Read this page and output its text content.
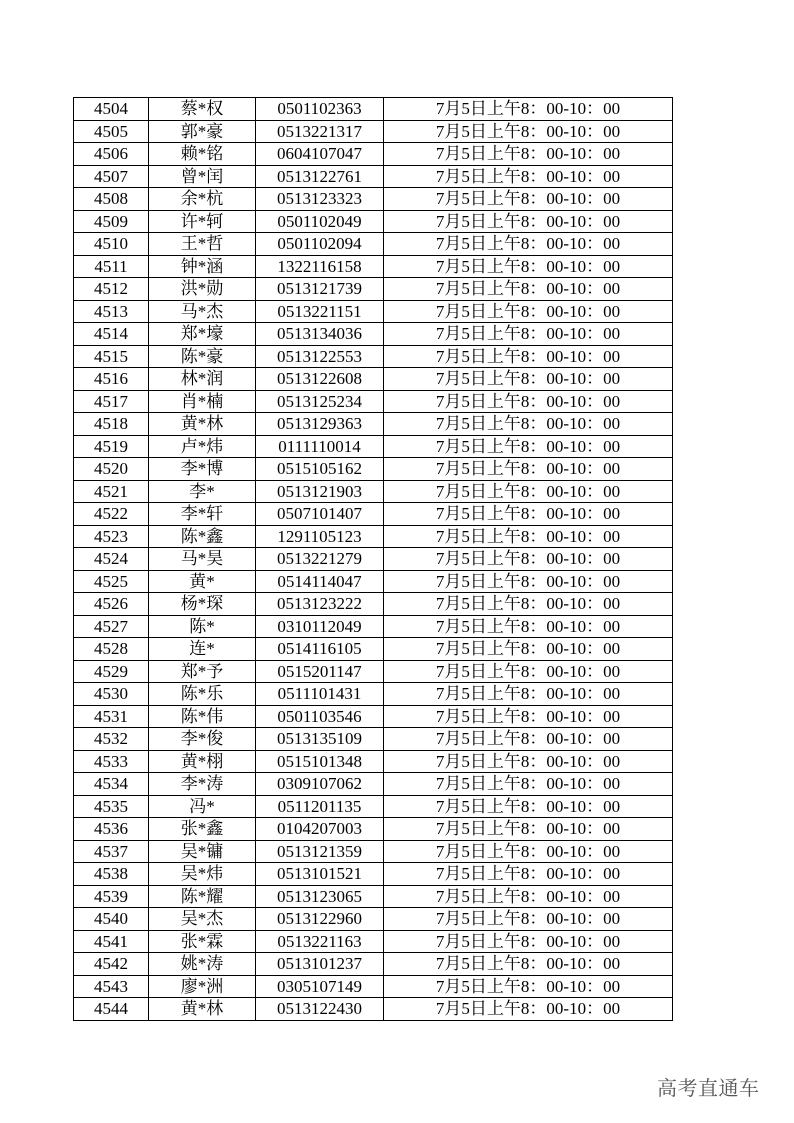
4504	蔡*权	0501102363	7月5日上午8：00-10：00
4505	郭*豪	0513221317	7月5日上午8：00-10：00
4506	赖*铭	0604107047	7月5日上午8：00-10：00
4507	曾*闰	0513122761	7月5日上午8：00-10：00
4508	余*杭	0513123323	7月5日上午8：00-10：00
4509	许*轲	0501102049	7月5日上午8：00-10：00
4510	王*哲	0501102094	7月5日上午8：00-10：00
4511	钟*涵	1322116158	7月5日上午8：00-10：00
4512	洪*勋	0513121739	7月5日上午8：00-10：00
4513	马*杰	0513221151	7月5日上午8：00-10：00
4514	郑*壕	0513134036	7月5日上午8：00-10：00
4515	陈*豪	0513122553	7月5日上午8：00-10：00
4516	林*润	0513122608	7月5日上午8：00-10：00
4517	肖*楠	0513125234	7月5日上午8：00-10：00
4518	黄*林	0513129363	7月5日上午8：00-10：00
4519	卢*炜	0111110014	7月5日上午8：00-10：00
4520	李*博	0515105162	7月5日上午8：00-10：00
4521	李*	0513121903	7月5日上午8：00-10：00
4522	李*轩	0507101407	7月5日上午8：00-10：00
4523	陈*鑫	1291105123	7月5日上午8：00-10：00
4524	马*昊	0513221279	7月5日上午8：00-10：00
4525	黄*	0514114047	7月5日上午8：00-10：00
4526	杨*琛	0513123222	7月5日上午8：00-10：00
4527	陈*	0310112049	7月5日上午8：00-10：00
4528	连*	0514116105	7月5日上午8：00-10：00
4529	郑*予	0515201147	7月5日上午8：00-10：00
4530	陈*乐	0511101431	7月5日上午8：00-10：00
4531	陈*伟	0501103546	7月5日上午8：00-10：00
4532	李*俊	0513135109	7月5日上午8：00-10：00
4533	黄*栩	0515101348	7月5日上午8：00-10：00
4534	李*涛	0309107062	7月5日上午8：00-10：00
4535	冯*	0511201135	7月5日上午8：00-10：00
4536	张*鑫	0104207003	7月5日上午8：00-10：00
4537	吴*镛	0513121359	7月5日上午8：00-10：00
4538	吴*炜	0513101521	7月5日上午8：00-10：00
4539	陈*耀	0513123065	7月5日上午8：00-10：00
4540	吴*杰	0513122960	7月5日上午8：00-10：00
4541	张*霖	0513221163	7月5日上午8：00-10：00
4542	姚*涛	0513101237	7月5日上午8：00-10：00
4543	廖*洲	0305107149	7月5日上午8：00-10：00
4544	黄*林	0513122430	7月5日上午8：00-10：00
高考直通车
